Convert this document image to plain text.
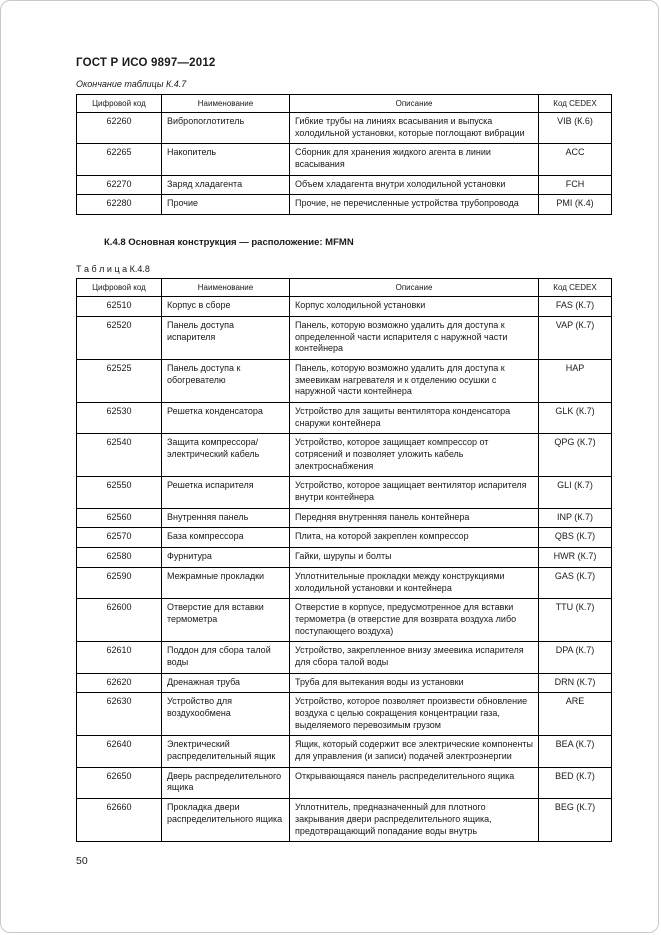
ГОСТ Р ИСО 9897—2012
Окончание таблицы К.4.7
Цифровой код	Наименование	Описание	Код CEDEX
62260	Вибропоглотитель	Гибкие трубы на линиях всасывания и выпуска холодильной установки, которые поглощают вибрации	VIB (К.6)
62265	Накопитель	Сборник для хранения жидкого агента в линии всасывания	ACC
62270	Заряд хладагента	Объем хладагента внутри холодильной установки	FCH
62280	Прочие	Прочие, не перечисленные устройства трубопровода	PMI (К.4)
К.4.8 Основная конструкция — расположение: MFMN
Т а б л и ц а К.4.8
Цифровой код	Наименование	Описание	Код CEDEX
62510	Корпус в сборе	Корпус холодильной установки	FAS (К.7)
62520	Панель доступа испарителя	Панель, которую возможно удалить для доступа к определенной части испарителя с наружной части контейнера	VAP (К.7)
62525	Панель доступа к обогревателю	Панель, которую возможно удалить для доступа к змеевикам нагревателя и к отделению осушки с наружной части контейнера	HAP
62530	Решетка конденсатора	Устройство для защиты вентилятора конденсатора снаружи контейнера	GLK (К.7)
62540	Защита компрессора/электрический кабель	Устройство, которое защищает компрессор от сотрясений и позволяет уложить кабель электроснабжения	QPG (К.7)
62550	Решетка испарителя	Устройство, которое защищает вентилятор испарителя внутри контейнера	GLI (К.7)
62560	Внутренняя панель	Передняя внутренняя панель контейнера	INP (К.7)
62570	База компрессора	Плита, на которой закреплен компрессор	QBS (К.7)
62580	Фурнитура	Гайки, шурупы и болты	HWR (К.7)
62590	Межрамные прокладки	Уплотнительные прокладки между конструкциями холодильной установки и контейнера	GAS (К.7)
62600	Отверстие для вставки термометра	Отверстие в корпусе, предусмотренное для вставки термометра (в отверстие для возврата воздуха либо поступающего воздуха)	TTU (К.7)
62610	Поддон для сбора талой воды	Устройство, закрепленное внизу змеевика испарителя для сбора талой воды	DPA (К.7)
62620	Дренажная труба	Труба для вытекания воды из установки	DRN (К.7)
62630	Устройство для воздухообмена	Устройство, которое позволяет произвести обновление воздуха с целью сокращения концентрации газа, выделяемого перевозимым грузом	ARE
62640	Электрический распределительный ящик	Ящик, который содержит все электрические компоненты для управления (и записи) подачей электроэнергии	BEA (К.7)
62650	Дверь распределительного ящика	Открывающаяся панель распределительного ящика	BED (К.7)
62660	Прокладка двери распределительного ящика	Уплотнитель, предназначенный для плотного закрывания двери распределительного ящика, предотвращающий попадание воды внутрь	BEG (К.7)
50
